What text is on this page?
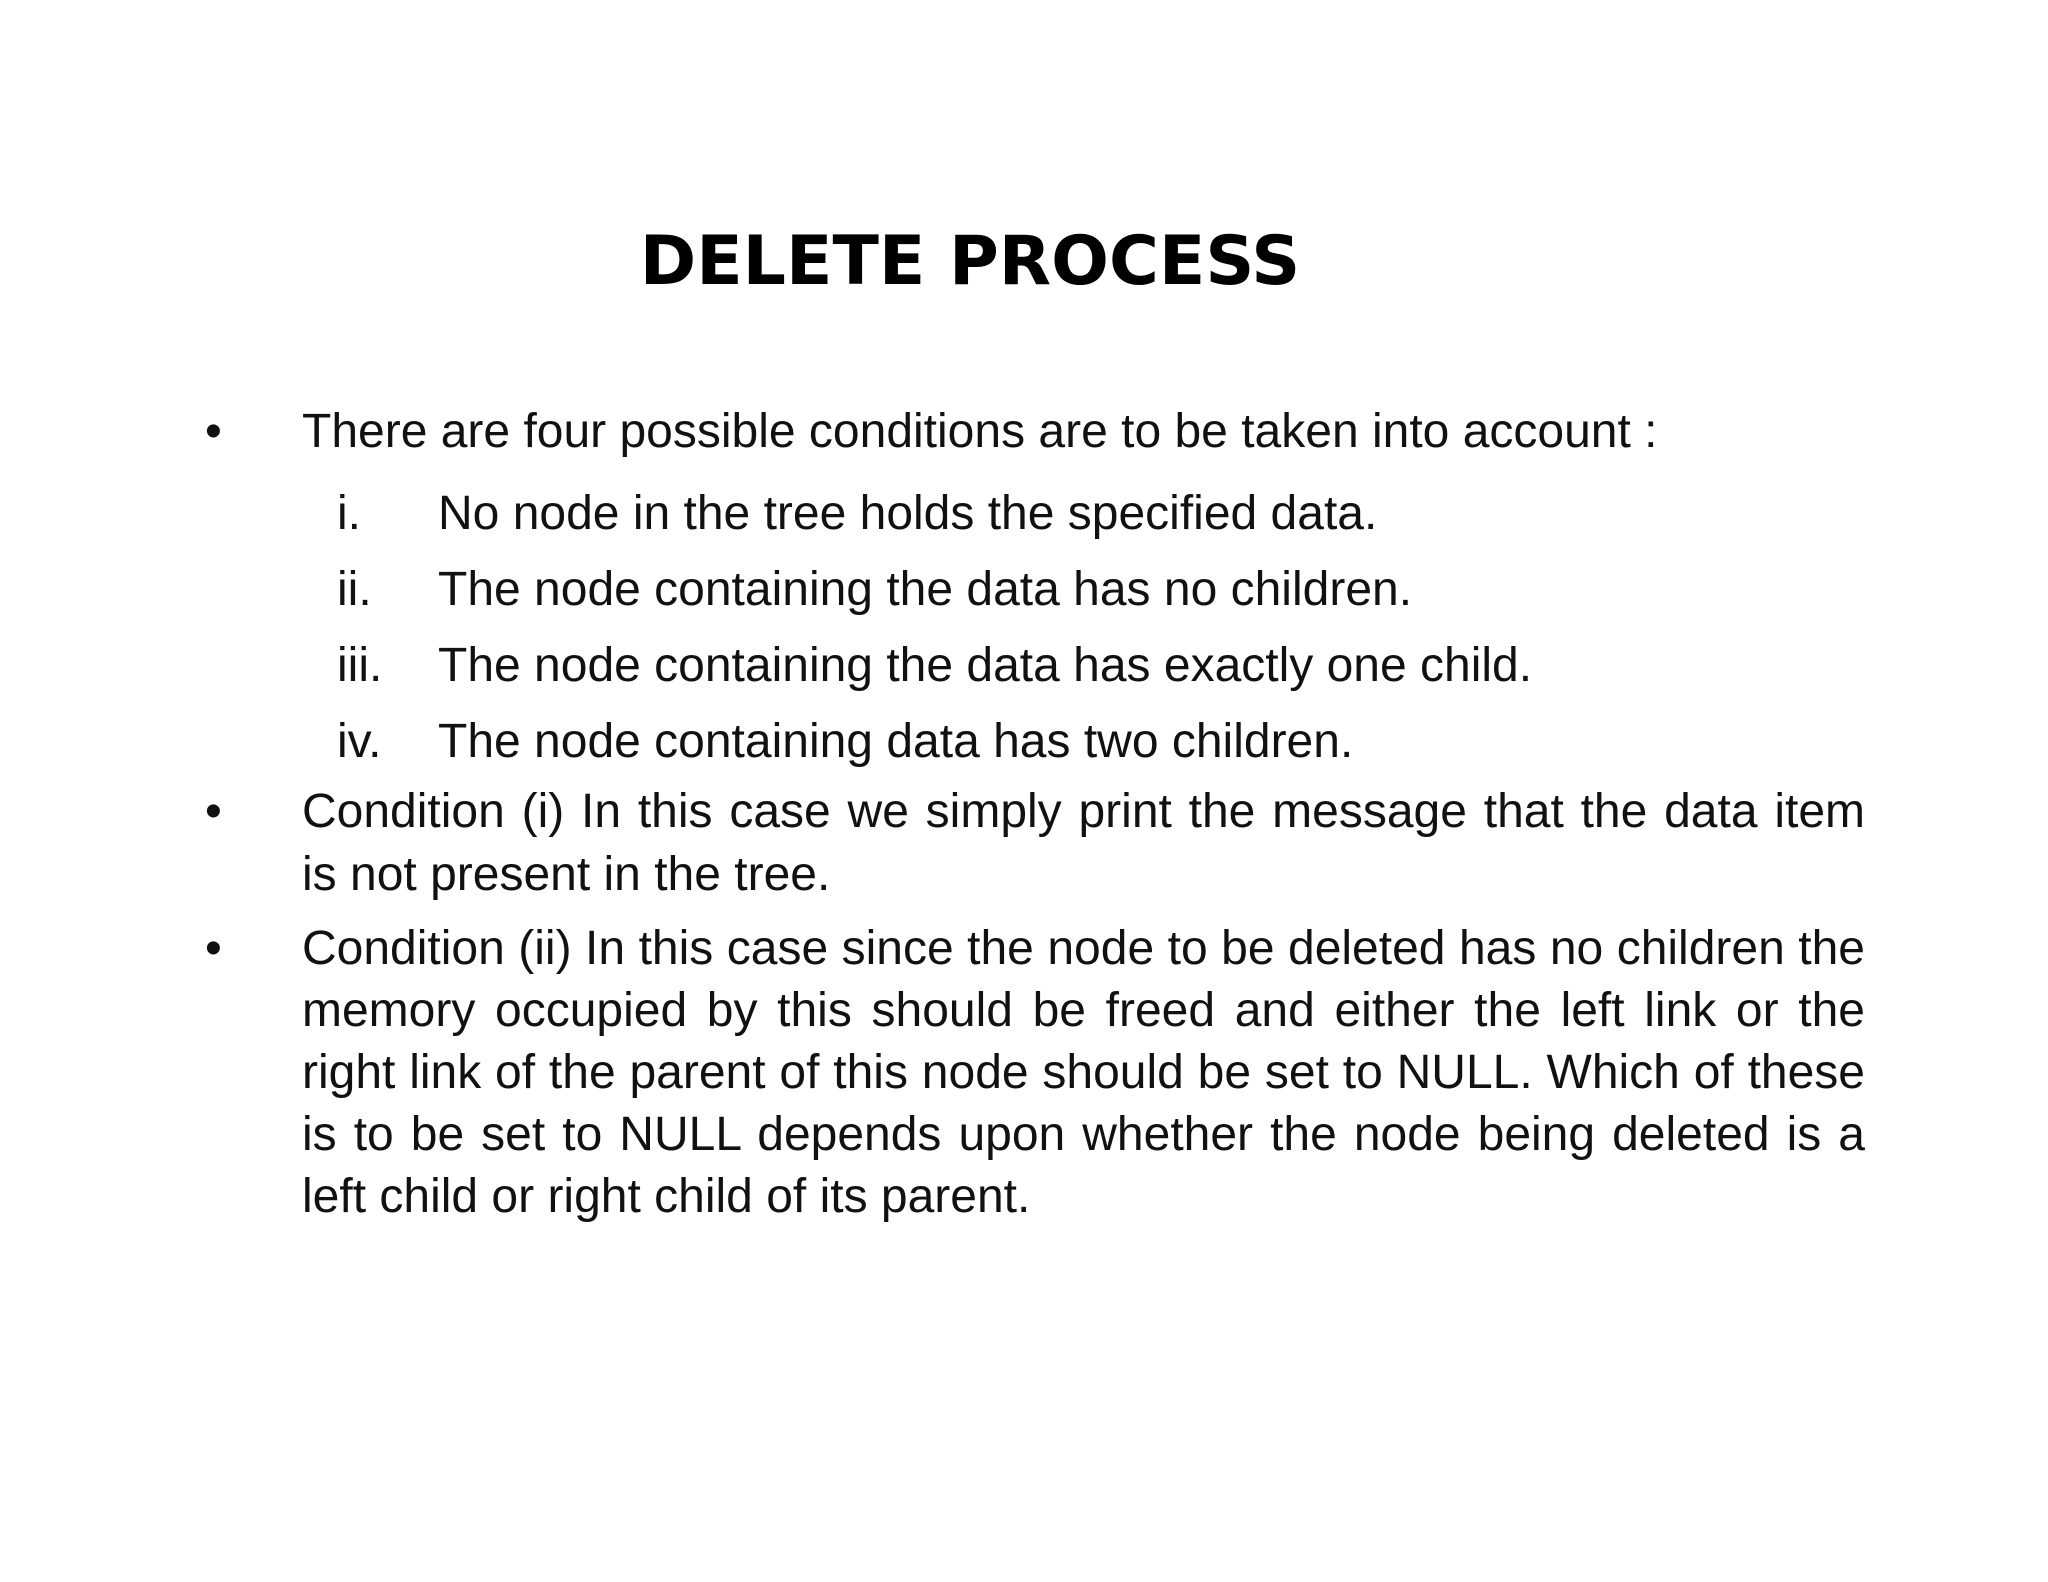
DELETE PROCESS
•	There are four possible conditions are to be taken into account :
i. No node in the tree holds the specified data.
ii. The node containing the data has no children.
iii. The node containing the data has exactly one child.
iv. The node containing data has two children.
•	Condition (i) In this case we simply print the message that the data item is not present in the tree.
•	Condition (ii) In this case since the node to be deleted has no children the memory occupied by this should be freed and either the left link or the right link of the parent of this node should be set to NULL. Which of these is to be set to NULL depends upon whether the node being deleted is a left child or right child of its parent.
